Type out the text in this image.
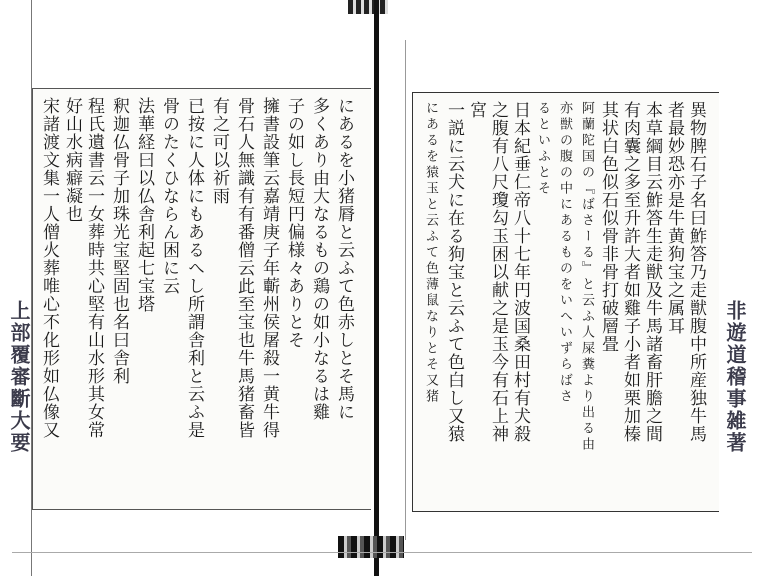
上部覆審斷大要	にあるを小猪脣と云ふて色赤しとそ馬に
多くあり由大なるもの鶏の如小なるは雞
子の如し長短円偏様々ありとそ
擁書設筆云嘉靖庚子年蘄州侯屠殺一黄牛得
骨石人無識有有番僧云此至宝也牛馬猪畜皆
有之可以祈雨
已按に人体にもあるへし所謂舎利と云ふ是
骨のたくひならん困に云
法華経曰以仏舎利起七宝塔
釈迦仏骨子加珠光宝堅固也名曰舎利
程氏遺書云一女葬時共心堅有山水形其女常
好山水病癖凝也
宋諸渡文集一人僧火葬唯心不化形如仏像又	異物脾石子名曰鮓答乃走獣腹中所産独牛馬
者最妙恐亦是牛黄狗宝之属耳
本草綱目云鮓答生走獣及牛馬諸畜肝膽之間
有肉囊之多至升許大者如雞子小者如栗加榛
其状白色似石似骨非骨打破層畳
阿蘭陀国の『ばさーる』と云ふ人屎糞より出る由
亦獣の腹の中にあるものをいへいずらばさ
るといふとそ
日本紀垂仁帝八十七年円波国桑田村有犬殺
之腹有八尺瓊勾玉困以献之是玉今有石上神
宮
一説に云犬に在る狗宝と云ふて色白し又猿
にあるを猿玉と云ふて色薄鼠なりとそ又猪	非遊道稽事雑著
